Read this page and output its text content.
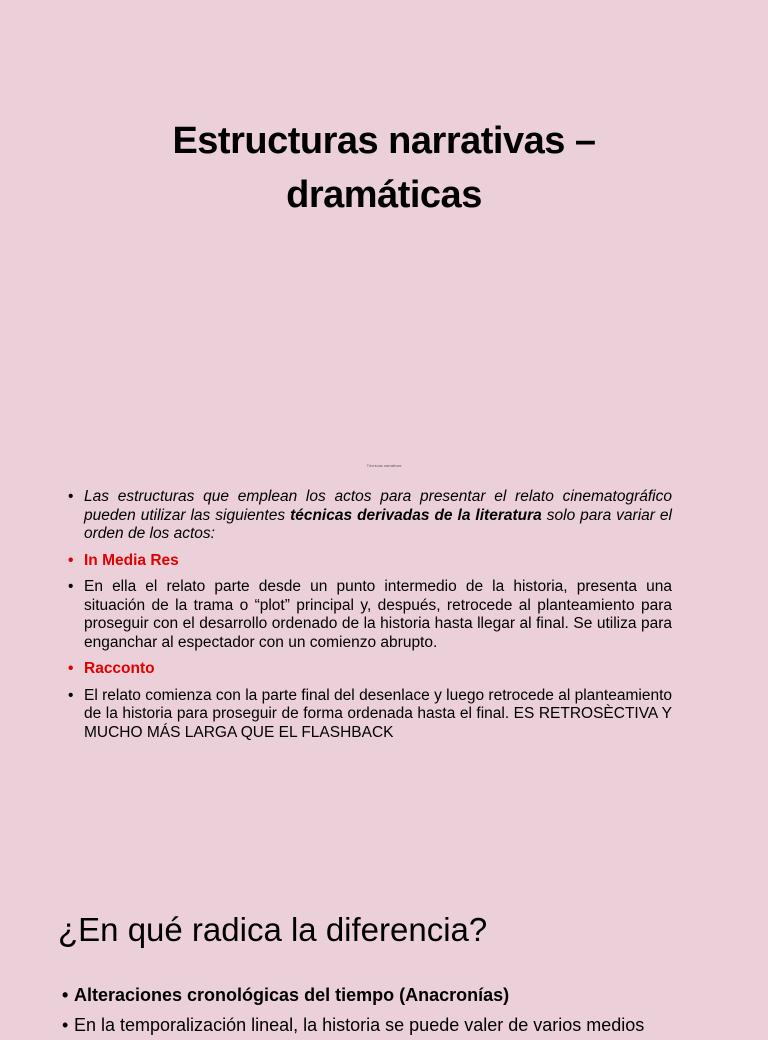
Estructuras narrativas –
dramáticas
Técnicas narrativas
• Las estructuras que emplean los actos para presentar el relato cinematográfico pueden utilizar las siguientes técnicas derivadas de la literatura solo para variar el orden de los actos:
• In Media Res
• En ella el relato parte desde un punto intermedio de la historia, presenta una situación de la trama o “plot” principal y, después, retrocede al planteamiento para proseguir con el desarrollo ordenado de la historia hasta llegar al final. Se utiliza para enganchar al espectador con un comienzo abrupto.
• Racconto
• El relato comienza con la parte final del desenlace y luego retrocede al planteamiento de la historia para proseguir de forma ordenada hasta el final. ES RETROSÈCTIVA Y MUCHO MÁS LARGA QUE EL FLASHBACK
¿En qué radica la diferencia?
• Alteraciones cronológicas del tiempo (Anacronías)
• En la temporalización lineal, la historia se puede valer de varios medios
